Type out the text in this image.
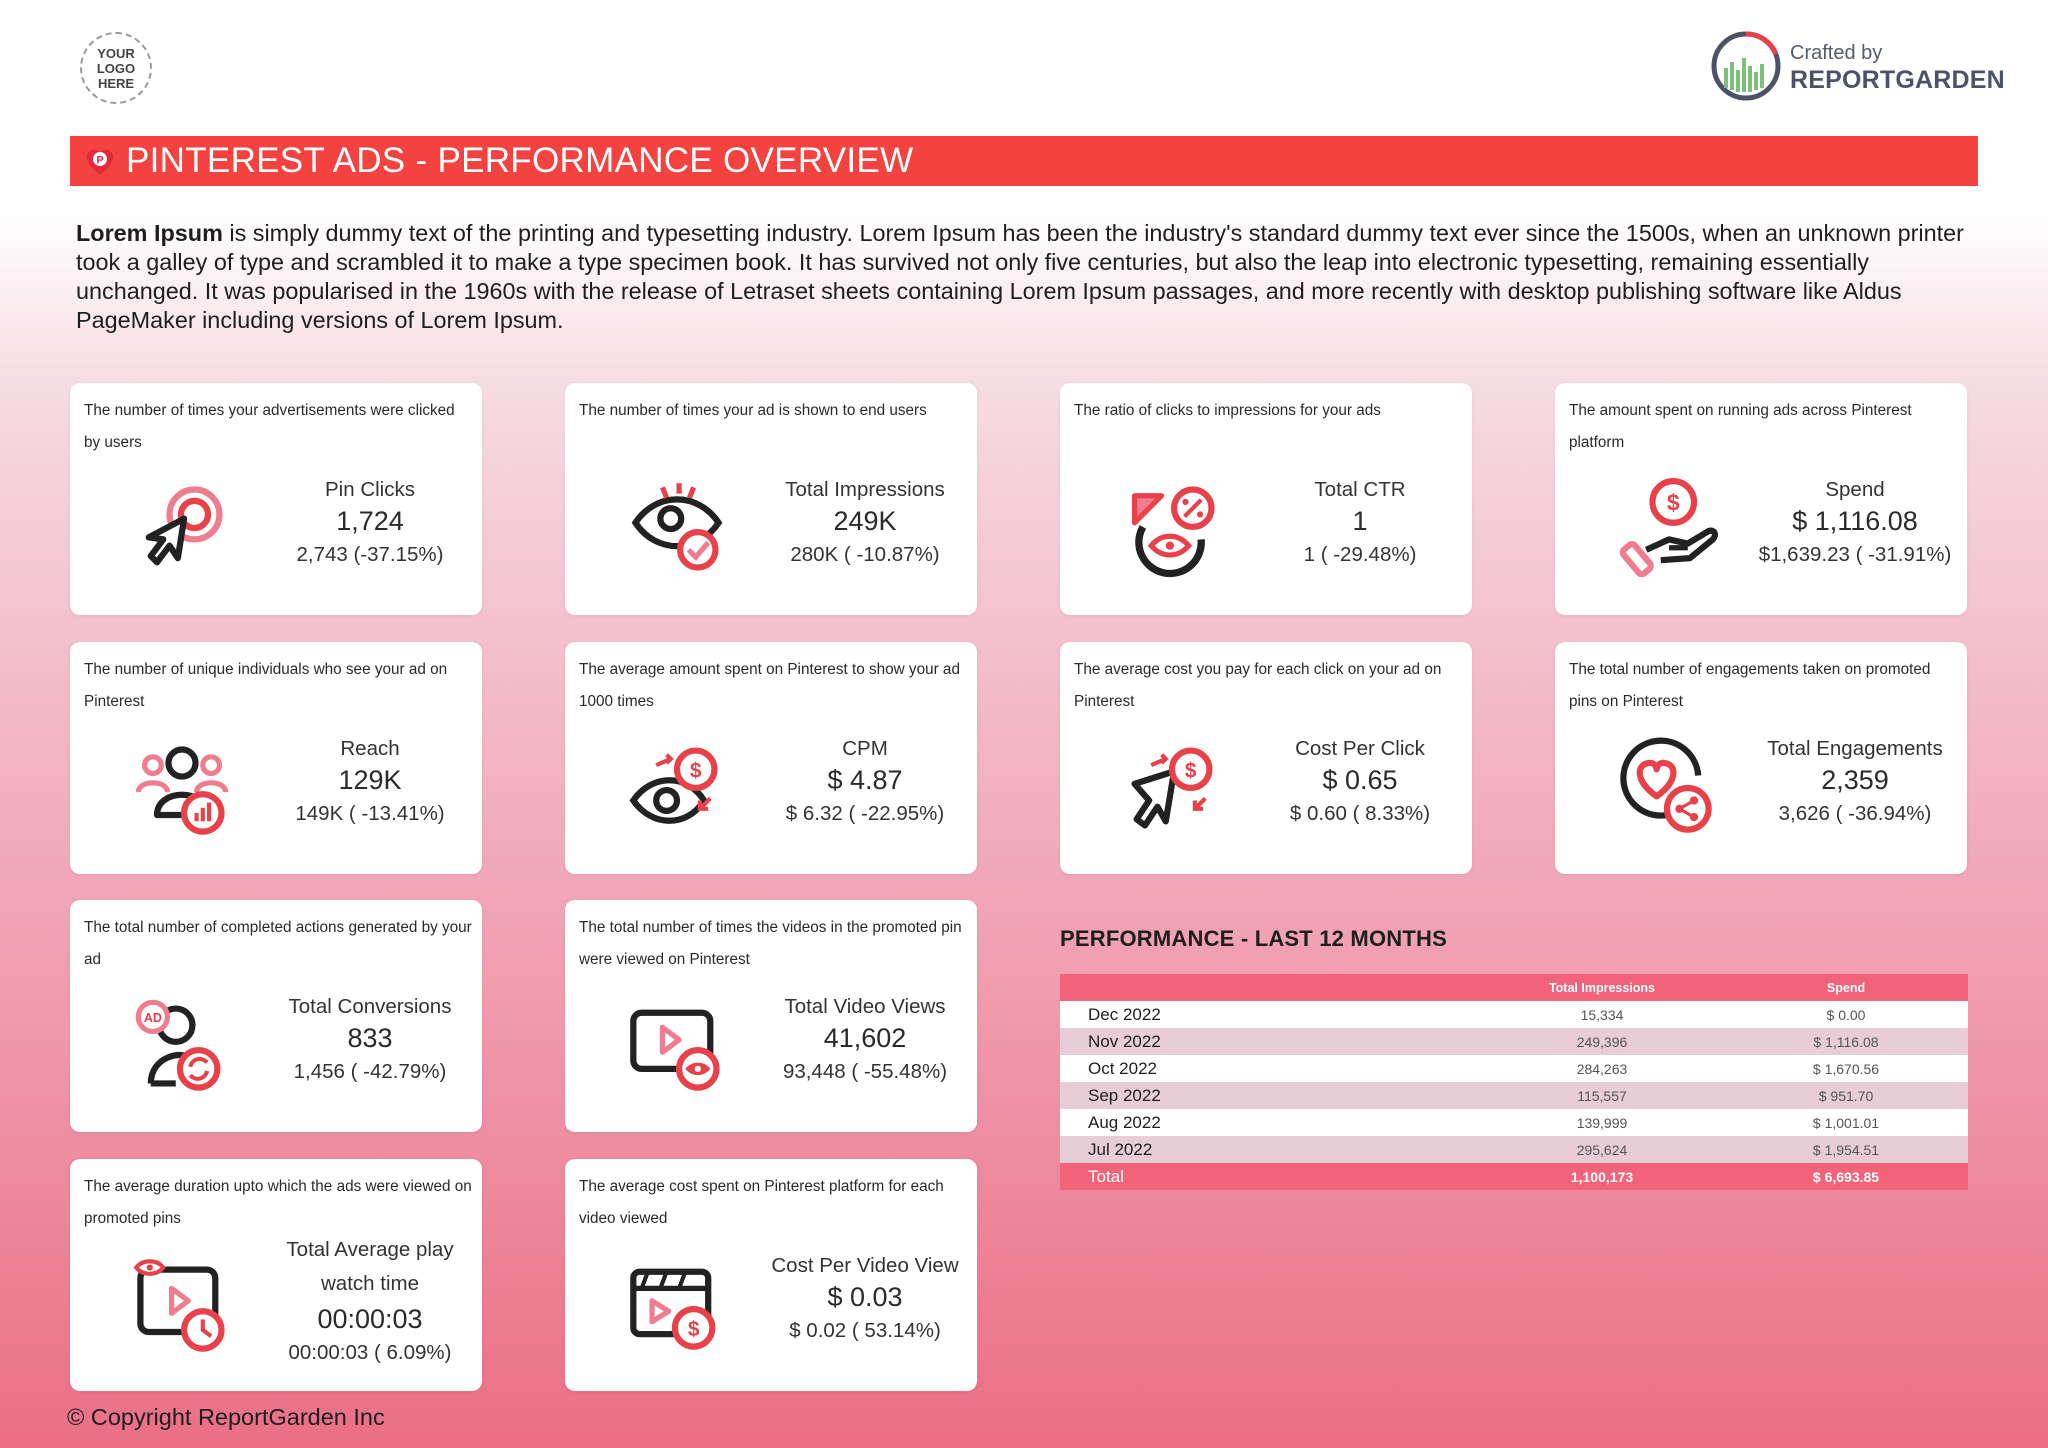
YOUR LOGO HERE
Crafted by
REPORTGARDEN
P PINTEREST ADS - PERFORMANCE OVERVIEW

Lorem Ipsum is simply dummy text of the printing and typesetting industry. Lorem Ipsum has been the industry's standard dummy text ever since the 1500s, when an unknown printer took a galley of type and scrambled it to make a type specimen book. It has survived not only five centuries, but also the leap into electronic typesetting, remaining essentially unchanged. It was popularised in the 1960s with the release of Letraset sheets containing Lorem Ipsum passages, and more recently with desktop publishing software like Aldus PageMaker including versions of Lorem Ipsum.

The number of times your advertisements were clicked by users
Pin Clicks
1,724
2,743 (-37.15%)
The number of times your ad is shown to end users
Total Impressions
249K
280K ( -10.87%)
The ratio of clicks to impressions for your ads
Total CTR
1
1 ( -29.48%)
The amount spent on running ads across Pinterest platform
$	Spend
$ 1,116.08
$1,639.23 ( -31.91%)
The number of unique individuals who see your ad on Pinterest
Reach
129K
149K ( -13.41%)
The average amount spent on Pinterest to show your ad 1000 times
$
CPM
$ 4.87
$ 6.32 ( -22.95%)
The average cost you pay for each click on your ad on Pinterest
$
Cost Per Click
$ 0.65
$ 0.60 ( 8.33%)
The total number of engagements taken on promoted pins on Pinterest
Total Engagements
2,359
3,626 ( -36.94%)
The total number of completed actions generated by your ad
AD
Total Conversions
833
1,456 ( -42.79%)
The total number of times the videos in the promoted pin were viewed on Pinterest
Total Video Views
41,602
93,448 ( -55.48%)
The average duration upto which the ads were viewed on promoted pins
Total Average play watch time
00:00:03
00:00:03 ( 6.09%)
The average cost spent on Pinterest platform for each video viewed
$
Cost Per Video View
$ 0.03
$ 0.02 ( 53.14%)
PERFORMANCE - LAST 12 MONTHS
	Total Impressions	Spend
Dec 2022	15,334	$ 0.00
Nov 2022	249,396	$ 1,116.08
Oct 2022	284,263	$ 1,670.56
Sep 2022	115,557	$ 951.70
Aug 2022	139,999	$ 1,001.01
Jul 2022	295,624	$ 1,954.51
Total	1,100,173	$ 6,693.85
© Copyright ReportGarden Inc
